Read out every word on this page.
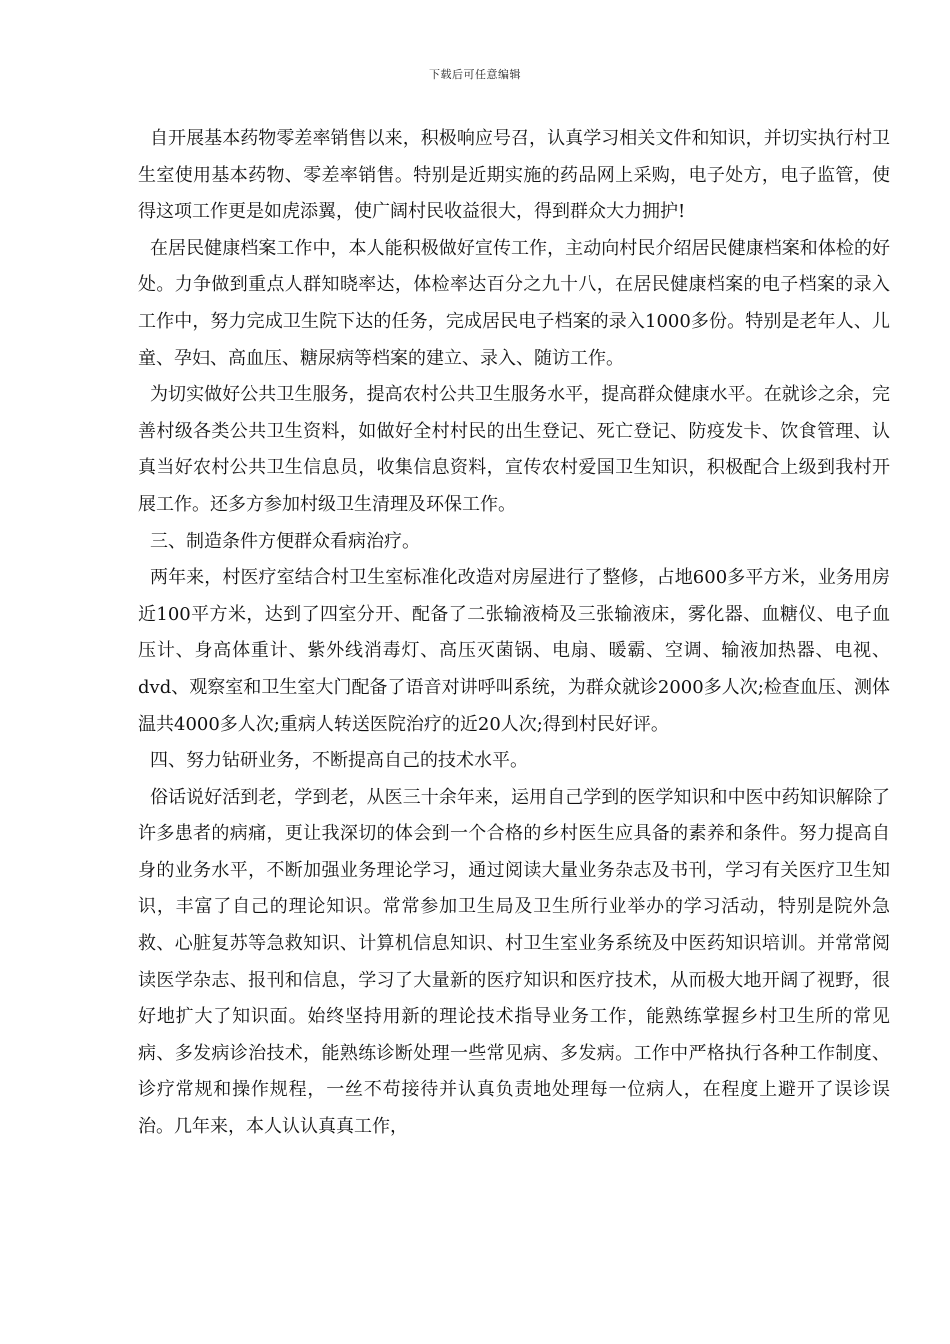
下载后可任意编辑

自开展基本药物零差率销售以来，积极响应号召，认真学习相关文件和知识，并切实执行村卫生室使用基本药物、零差率销售。特别是近期实施的药品网上采购，电子处方，电子监管，使得这项工作更是如虎添翼，使广阔村民收益很大，得到群众大力拥护!

在居民健康档案工作中，本人能积极做好宣传工作，主动向村民介绍居民健康档案和体检的好处。力争做到重点人群知晓率达，体检率达百分之九十八，在居民健康档案的电子档案的录入工作中，努力完成卫生院下达的任务，完成居民电子档案的录入1000多份。特别是老年人、儿童、孕妇、高血压、糖尿病等档案的建立、录入、随访工作。

为切实做好公共卫生服务，提高农村公共卫生服务水平，提高群众健康水平。在就诊之余，完善村级各类公共卫生资料，如做好全村村民的出生登记、死亡登记、防疫发卡、饮食管理、认真当好农村公共卫生信息员，收集信息资料，宣传农村爱国卫生知识，积极配合上级到我村开展工作。还多方参加村级卫生清理及环保工作。

三、制造条件方便群众看病治疗。

两年来，村医疗室结合村卫生室标准化改造对房屋进行了整修，占地600多平方米，业务用房近100平方米，达到了四室分开、配备了二张输液椅及三张输液床，雾化器、血糖仪、电子血压计、身高体重计、紫外线消毒灯、高压灭菌锅、电扇、暖霸、空调、输液加热器、电视、dvd、观察室和卫生室大门配备了语音对讲呼叫系统，为群众就诊2000多人次;检查血压、测体温共4000多人次;重病人转送医院治疗的近20人次;得到村民好评。

四、努力钻研业务，不断提高自己的技术水平。

俗话说好活到老，学到老，从医三十余年来，运用自己学到的医学知识和中医中药知识解除了许多患者的病痛，更让我深切的体会到一个合格的乡村医生应具备的素养和条件。努力提高自身的业务水平，不断加强业务理论学习，通过阅读大量业务杂志及书刊，学习有关医疗卫生知识，丰富了自己的理论知识。常常参加卫生局及卫生所行业举办的学习活动，特别是院外急救、心脏复苏等急救知识、计算机信息知识、村卫生室业务系统及中医药知识培训。并常常阅读医学杂志、报刊和信息，学习了大量新的医疗知识和医疗技术，从而极大地开阔了视野，很好地扩大了知识面。始终坚持用新的理论技术指导业务工作，能熟练掌握乡村卫生所的常见病、多发病诊治技术，能熟练诊断处理一些常见病、多发病。工作中严格执行各种工作制度、诊疗常规和操作规程，一丝不苟接待并认真负责地处理每一位病人，在程度上避开了误诊误治。几年来，本人认认真真工作，
